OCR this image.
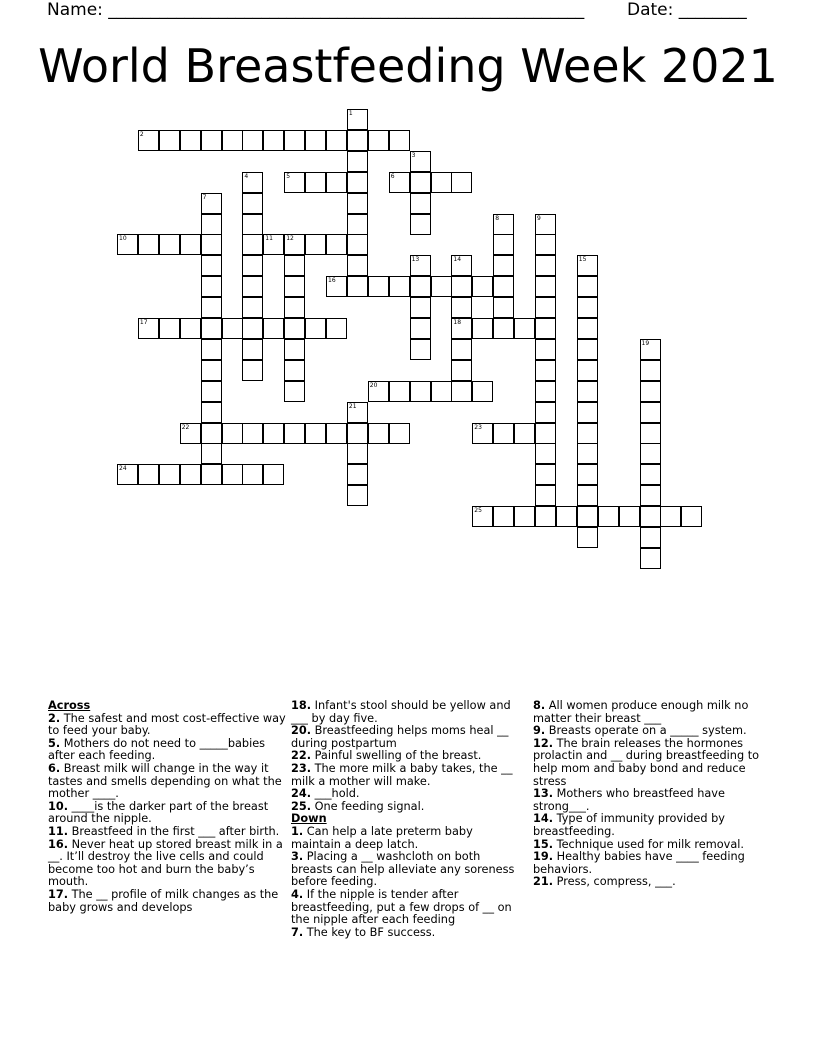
Name: ________________________________________________________	Date: ________
World Breastfeeding Week 2021
1
2
3
4	5	6
7
8	9
10	11 12
13	14
18
15
16
17
19
20
21
22	23
24
25
Across
2. The safest and most cost-effective way to feed your baby.
5. Mothers do not need to _____babies after each feeding.
6. Breast milk will change in the way it tastes and smells depending on what the mother ____.
10. ____is the darker part of the breast around the nipple.
11. Breastfeed in the first ___ after birth.
16. Never heat up stored breast milk in a __. It’ll destroy the live cells and could become too hot and burn the baby’s mouth.
17. The __ profile of milk changes as the baby grows and develops
18. Infant's stool should be yellow and ___ by day five.
20. Breastfeeding helps moms heal __ during postpartum
22. Painful swelling of the breast.
23. The more milk a baby takes, the __ milk a mother will make.
24. ___hold.
25. One feeding signal.
Down
1. Can help a late preterm baby maintain a deep latch.
3. Placing a __ washcloth on both breasts can help alleviate any soreness before feeding.
4. If the nipple is tender after breastfeeding, put a few drops of __ on the nipple after each feeding
7. The key to BF success.
8. All women produce enough milk no matter their breast ___
9. Breasts operate on a _____ system.
12. The brain releases the hormones prolactin and __ during breastfeeding to help mom and baby bond and reduce stress
13. Mothers who breastfeed have strong___.
14. Type of immunity provided by breastfeeding.
15. Technique used for milk removal.
19. Healthy babies have ____ feeding behaviors.
21. Press, compress, ___.
